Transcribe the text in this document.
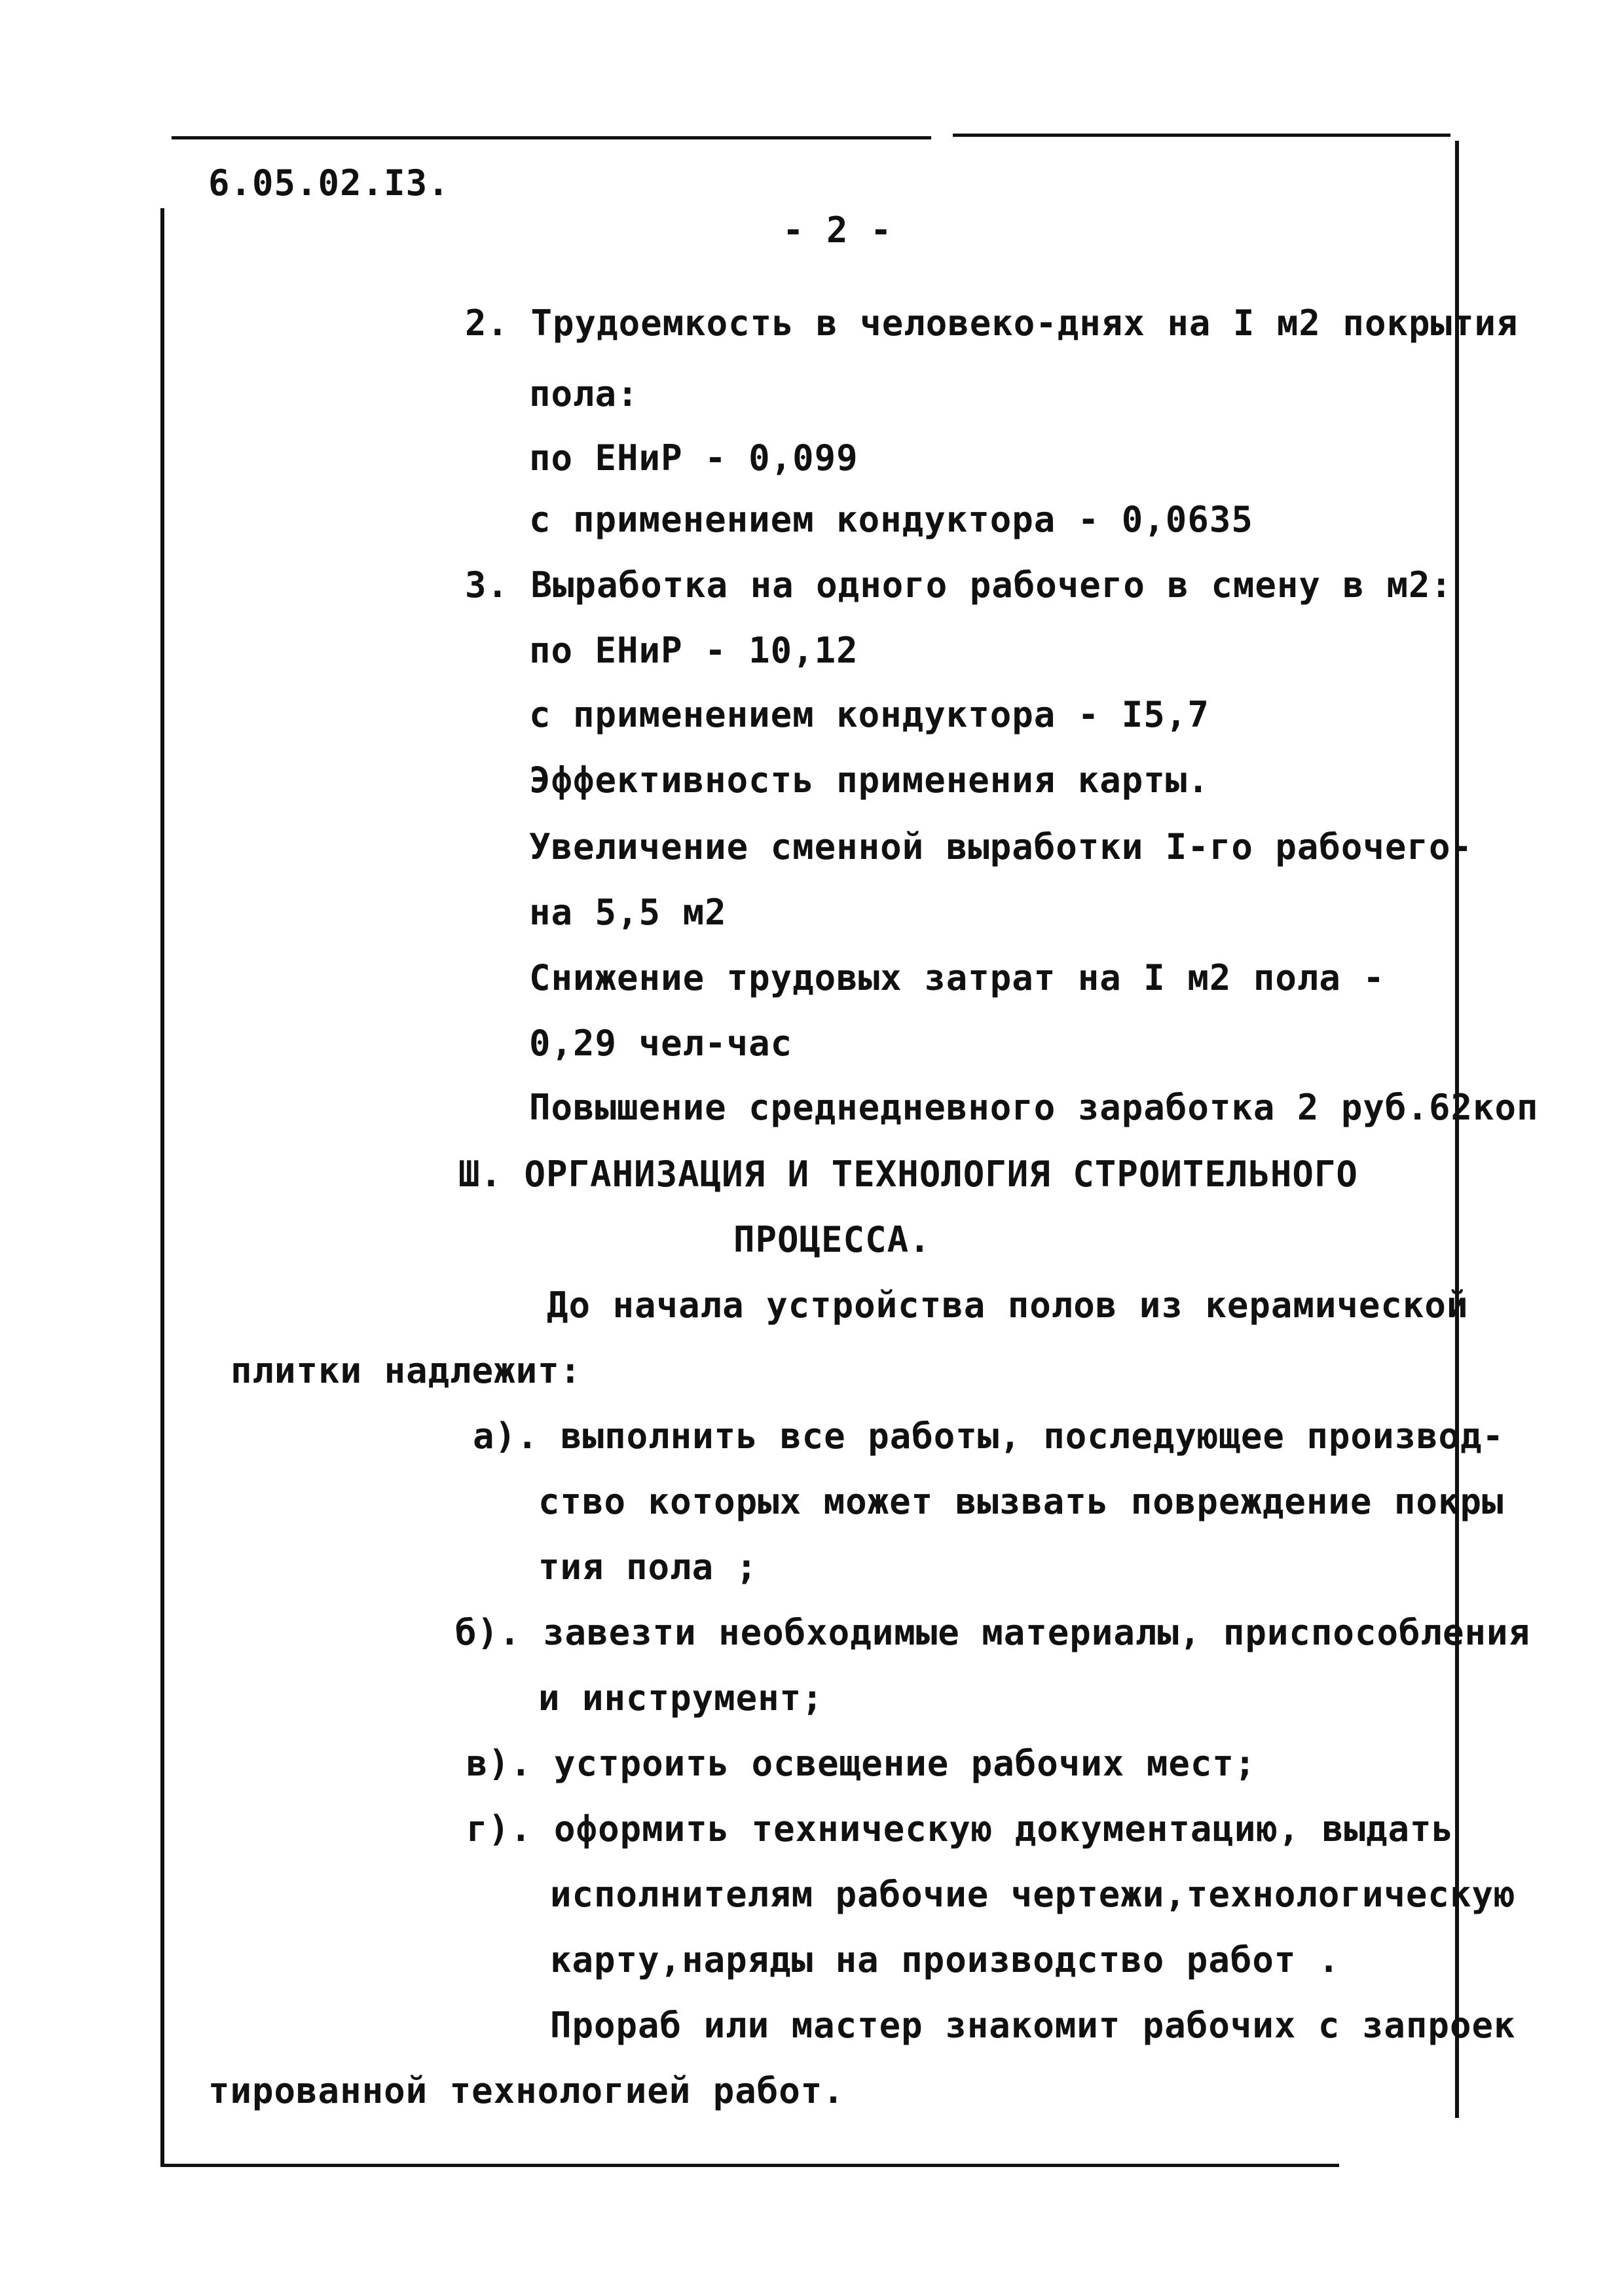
6.05.02.I3.
- 2 -
2. Трудоемкость в человеко-днях на I м2 покрытия
пола:
по ЕНиР - 0,099
с применением кондуктора - 0,0635
3. Выработка на одного рабочего в смену в м2:
по ЕНиР - 10,12
с применением кондуктора - I5,7
Эффективность применения карты.
Увеличение сменной выработки I-го рабочего-
на 5,5 м2
Снижение трудовых затрат на I м2 пола -
0,29 чел-час
Повышение среднедневного заработка 2 руб.62коп
Ш. ОРГАНИЗАЦИЯ И ТЕХНОЛОГИЯ СТРОИТЕЛЬНОГО
ПРОЦЕССА.
До начала устройства полов из керамической
плитки надлежит:
а). выполнить все работы, последующее производ-
ство которых может вызвать повреждение покры
тия пола ;
б). завезти необходимые материалы, приспособления
и инструмент;
в). устроить освещение рабочих мест;
г). оформить техническую документацию, выдать
исполнителям рабочие чертежи,технологическую
карту,наряды на производство работ .
Прораб или мастер знакомит рабочих с запроек
тированной технологией работ.
